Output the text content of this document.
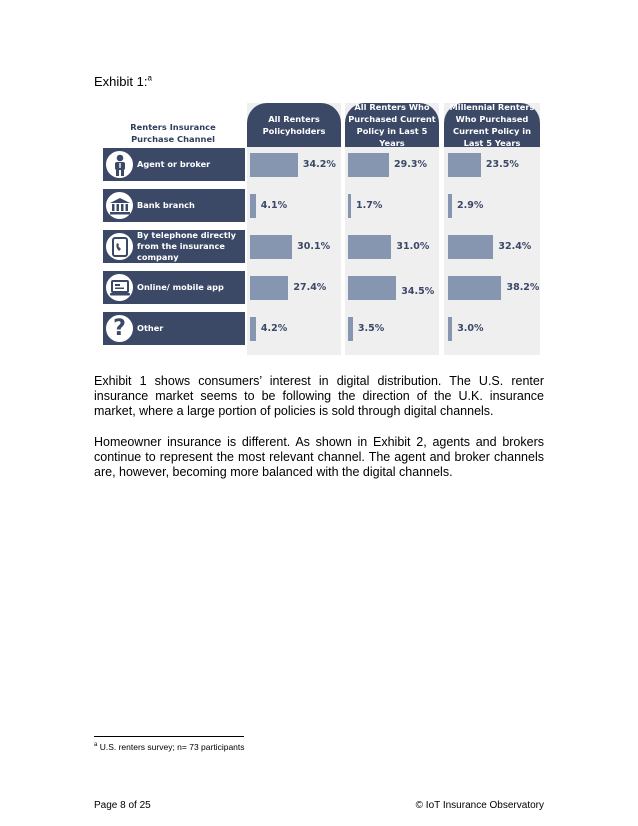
Exhibit 1:$^a$
Renters Insurance Purchase Channel
All Renters Policyholders
All Renters Who Purchased Current Policy in Last 5 Years
Millennial Renters Who Purchased Current Policy in Last 5 Years
Agent or broker
Bank branch
By telephone directly from the insurance company
Online/ mobile app
Other
?
34.2%
4.1%
30.1%
27.4%
4.2%
29.3%
1.7%
31.0%
34.5%
3.5%
23.5%
2.9%
32.4%
38.2%
3.0%
Exhibit 1 shows consumers’ interest in digital distribution. The U.S. renter insurance market seems to be following the direction of the U.K. insurance market, where a large portion of policies is sold through digital channels.
Homeowner insurance is different. As shown in Exhibit 2, agents and brokers continue to represent the most relevant channel. The agent and broker channels are, however, becoming more balanced with the digital channels.
$^a$ U.S. renters survey; n= 73 participants
Page 8 of 25	© IoT Insurance Observatory
